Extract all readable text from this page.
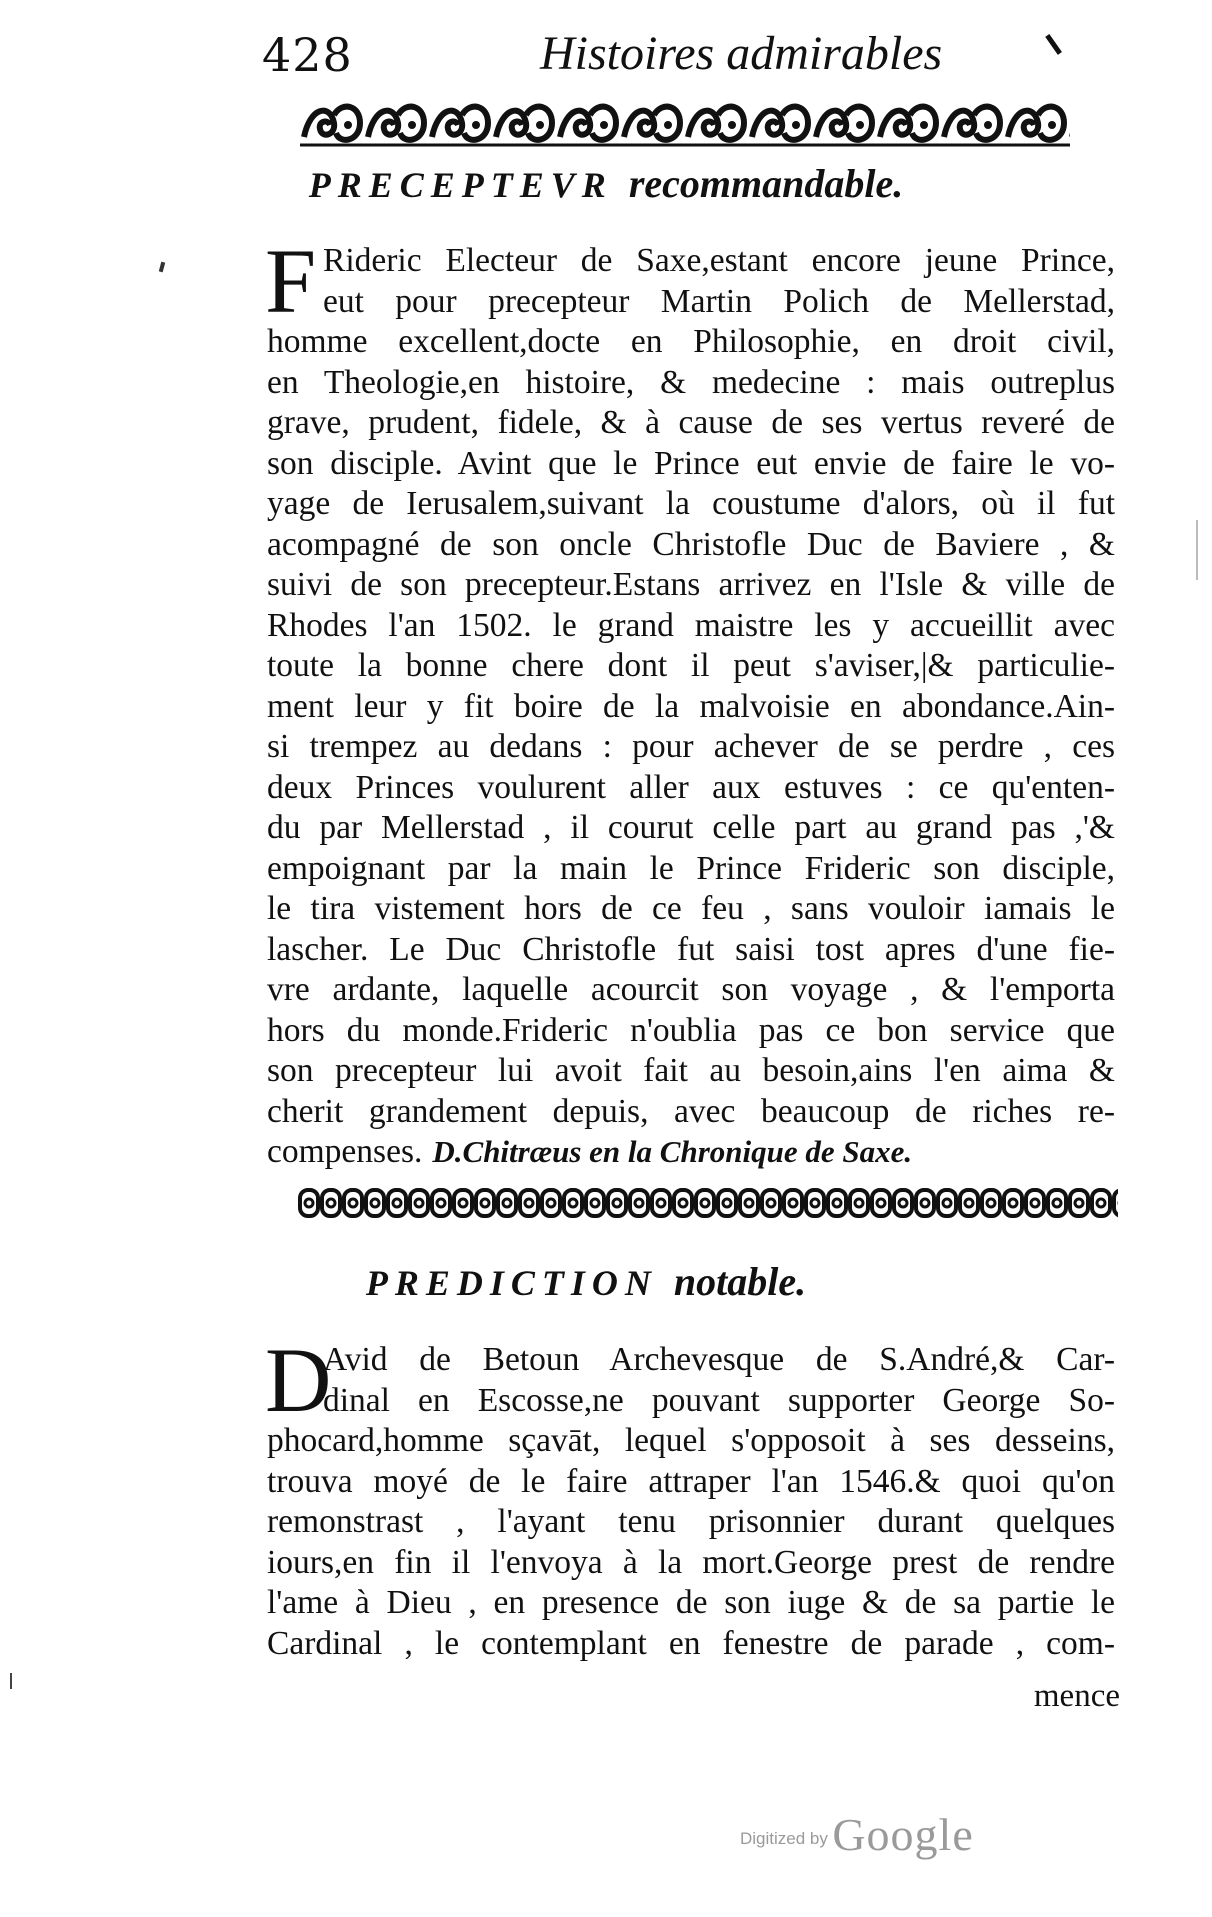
428	Histoires admirables
PRECEPTEVR recommandable.
F Rideric Electeur de Saxe,estant encore jeune Prince,
eut pour precepteur Martin Polich de Mellerstad,
homme excellent,docte en Philosophie, en droit civil,
en Theologie,en histoire, & medecine : mais outreplus
grave, prudent, fidele, & à cause de ses vertus reveré de
son disciple. Avint que le Prince eut envie de faire le vo-
yage de Ierusalem,suivant la coustume d'alors, où il fut
acompagné de son oncle Christofle Duc de Baviere , &
suivi de son precepteur.Estans arrivez en l'Isle & ville de
Rhodes l'an 1502. le grand maistre les y accueillit avec
toute la bonne chere dont il peut s'aviser,|& particulie-
ment leur y fit boire de la malvoisie en abondance.Ain-
si trempez au dedans : pour achever de se perdre , ces
deux Princes voulurent aller aux estuves : ce qu'enten-
du par Mellerstad , il courut celle part au grand pas ,'&
empoignant par la main le Prince Frideric son disciple,
le tira vistement hors de ce feu , sans vouloir iamais le
lascher. Le Duc Christofle fut saisi tost apres d'une fie-
vre ardante, laquelle acourcit son voyage , & l'emporta
hors du monde.Frideric n'oublia pas ce bon service que
son precepteur lui avoit fait au besoin,ains l'en aima &
cherit grandement depuis, avec beaucoup de riches re-
compenses. D.Chitræus en la Chronique de Saxe.
PREDICTION notable.
D
Avid de Betoun Archevesque de S.André,& Car-
dinal en Escosse,ne pouvant supporter George So-
phocard,homme sçavāt, lequel s'opposoit à ses desseins,
trouva moyé de le faire attraper l'an 1546.& quoi qu'on
remonstrast , l'ayant tenu prisonnier durant quelques
iours,en fin il l'envoya à la mort.George prest de rendre
l'ame à Dieu , en presence de son iuge & de sa partie le
Cardinal , le contemplant en fenestre de parade , com-
mence
Digitized by Google
